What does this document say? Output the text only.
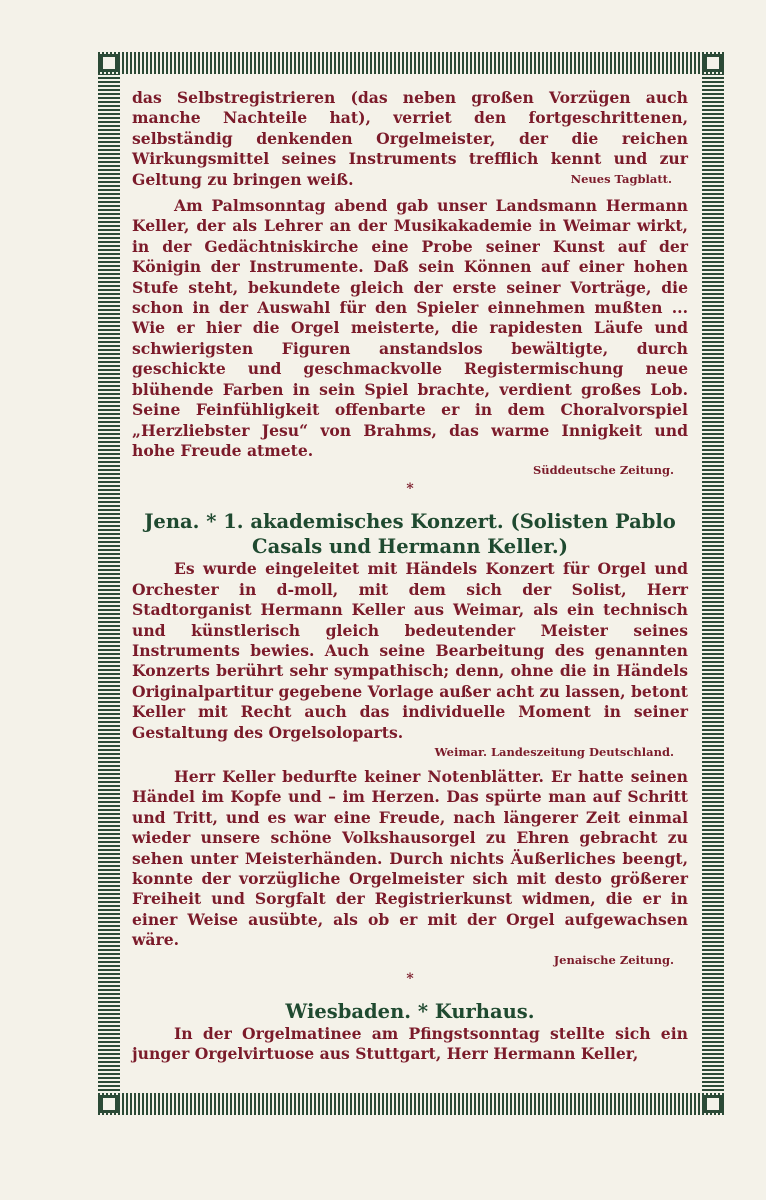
das Selbstregistrieren (das neben großen Vorzügen auch manche Nachteile hat), verriet den fortgeschrittenen, selbständig denkenden Orgelmeister, der die reichen Wirkungsmittel seines Instruments trefflich kennt und zur Geltung zu bringen weiß.	Neues Tagblatt.

Am Palmsonntag abend gab unser Landsmann Hermann Keller, der als Lehrer an der Musikakademie in Weimar wirkt, in der Gedächtniskirche eine Probe seiner Kunst auf der Königin der Instrumente. Daß sein Können auf einer hohen Stufe steht, bekundete gleich der erste seiner Vorträge, die schon in der Auswahl für den Spieler einnehmen mußten ... Wie er hier die Orgel meisterte, die rapidesten Läufe und schwierigsten Figuren anstandslos bewältigte, durch geschickte und geschmackvolle Registermischung neue blühende Farben in sein Spiel brachte, verdient großes Lob. Seine Feinfühligkeit offenbarte er in dem Choralvorspiel „Herzliebster Jesu“ von Brahms, das warme Innigkeit und hohe Freude atmete.

Süddeutsche Zeitung.

*

Jena. * 1. akademisches Konzert. (Solisten Pablo Casals und Hermann Keller.)

Es wurde eingeleitet mit Händels Konzert für Orgel und Orchester in d-moll, mit dem sich der Solist, Herr Stadtorganist Hermann Keller aus Weimar, als ein technisch und künstlerisch gleich bedeutender Meister seines Instruments bewies. Auch seine Bearbeitung des genannten Konzerts berührt sehr sympathisch; denn, ohne die in Händels Originalpartitur gegebene Vorlage außer acht zu lassen, betont Keller mit Recht auch das individuelle Moment in seiner Gestaltung des Orgelsoloparts.

Weimar. Landeszeitung Deutschland.

Herr Keller bedurfte keiner Notenblätter. Er hatte seinen Händel im Kopfe und – im Herzen. Das spürte man auf Schritt und Tritt, und es war eine Freude, nach längerer Zeit einmal wieder unsere schöne Volkshausorgel zu Ehren gebracht zu sehen unter Meisterhänden. Durch nichts Äußerliches beengt, konnte der vorzügliche Orgelmeister sich mit desto größerer Freiheit und Sorgfalt der Registrierkunst widmen, die er in einer Weise ausübte, als ob er mit der Orgel aufgewachsen wäre.

Jenaische Zeitung.

*

Wiesbaden. * Kurhaus.

In der Orgelmatinee am Pfingstsonntag stellte sich ein junger Orgelvirtuose aus Stuttgart, Herr Hermann Keller,
